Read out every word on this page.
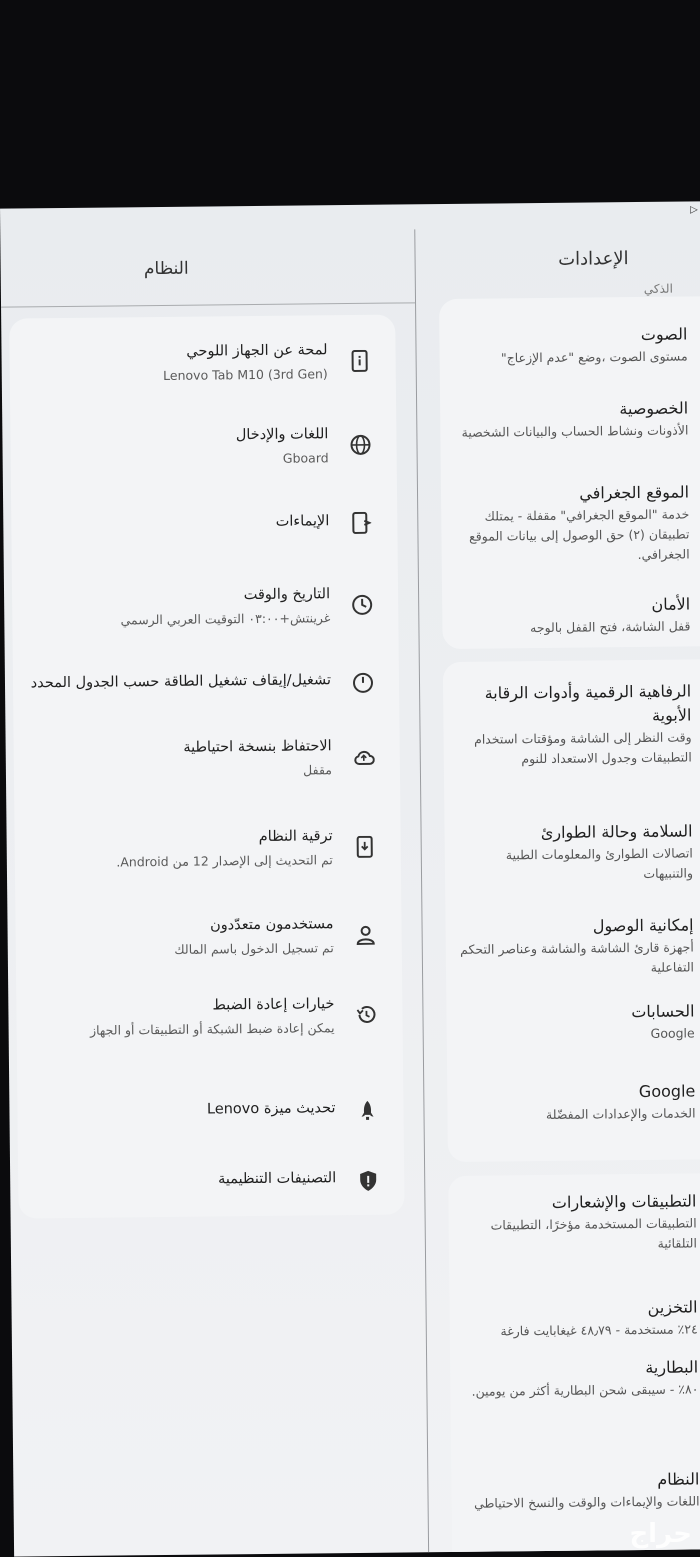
▷
النظام
لمحة عن الجهاز اللوحي
Lenovo Tab M10 (3rd Gen)
اللغات والإدخال
Gboard
الإيماءات
التاريخ والوقت
غرينتش+٠٣:٠٠ التوقيت العربي الرسمي
تشغيل/إيقاف تشغيل الطاقة حسب الجدول المحدد
الاحتفاظ بنسخة احتياطية
مقفل
ترقية النظام
تم التحديث إلى الإصدار 12 من Android.
مستخدمون متعدّدون
تم تسجيل الدخول باسم المالك
خيارات إعادة الضبط
يمكن إعادة ضبط الشبكة أو التطبيقات أو الجهاز
تحديث ميزة Lenovo
التصنيفات التنظيمية
الإعدادات
الذكي
الصوت
مستوى الصوت ،وضع "عدم الإزعاج"
الخصوصية
الأذونات ونشاط الحساب والبيانات الشخصية
الموقع الجغرافي
خدمة "الموقع الجغرافي" مقفلة - يمتلك تطبيقان (٢) حق الوصول إلى بيانات الموقع الجغرافي.
الأمان
قفل الشاشة، فتح القفل بالوجه
الرفاهية الرقمية وأدوات الرقابة الأبوية
وقت النظر إلى الشاشة ومؤقتات استخدام التطبيقات وجدول الاستعداد للنوم
السلامة وحالة الطوارئ
اتصالات الطوارئ والمعلومات الطبية والتنبيهات
إمكانية الوصول
أجهزة قارئ الشاشة والشاشة وعناصر التحكم التفاعلية
الحسابات
Google
Google
الخدمات والإعدادات المفضّلة
التطبيقات والإشعارات
التطبيقات المستخدمة مؤخرًا، التطبيقات التلقائية
التخزين
٢٤٪ مستخدمة - ٤٨٫٧٩ غيغابايت فارغة
البطارية
٨٠٪ - سيبقى شحن البطارية أكثر من يومين.
النظام
اللغات والإيماءات والوقت والنسخ الاحتياطي
حراج
